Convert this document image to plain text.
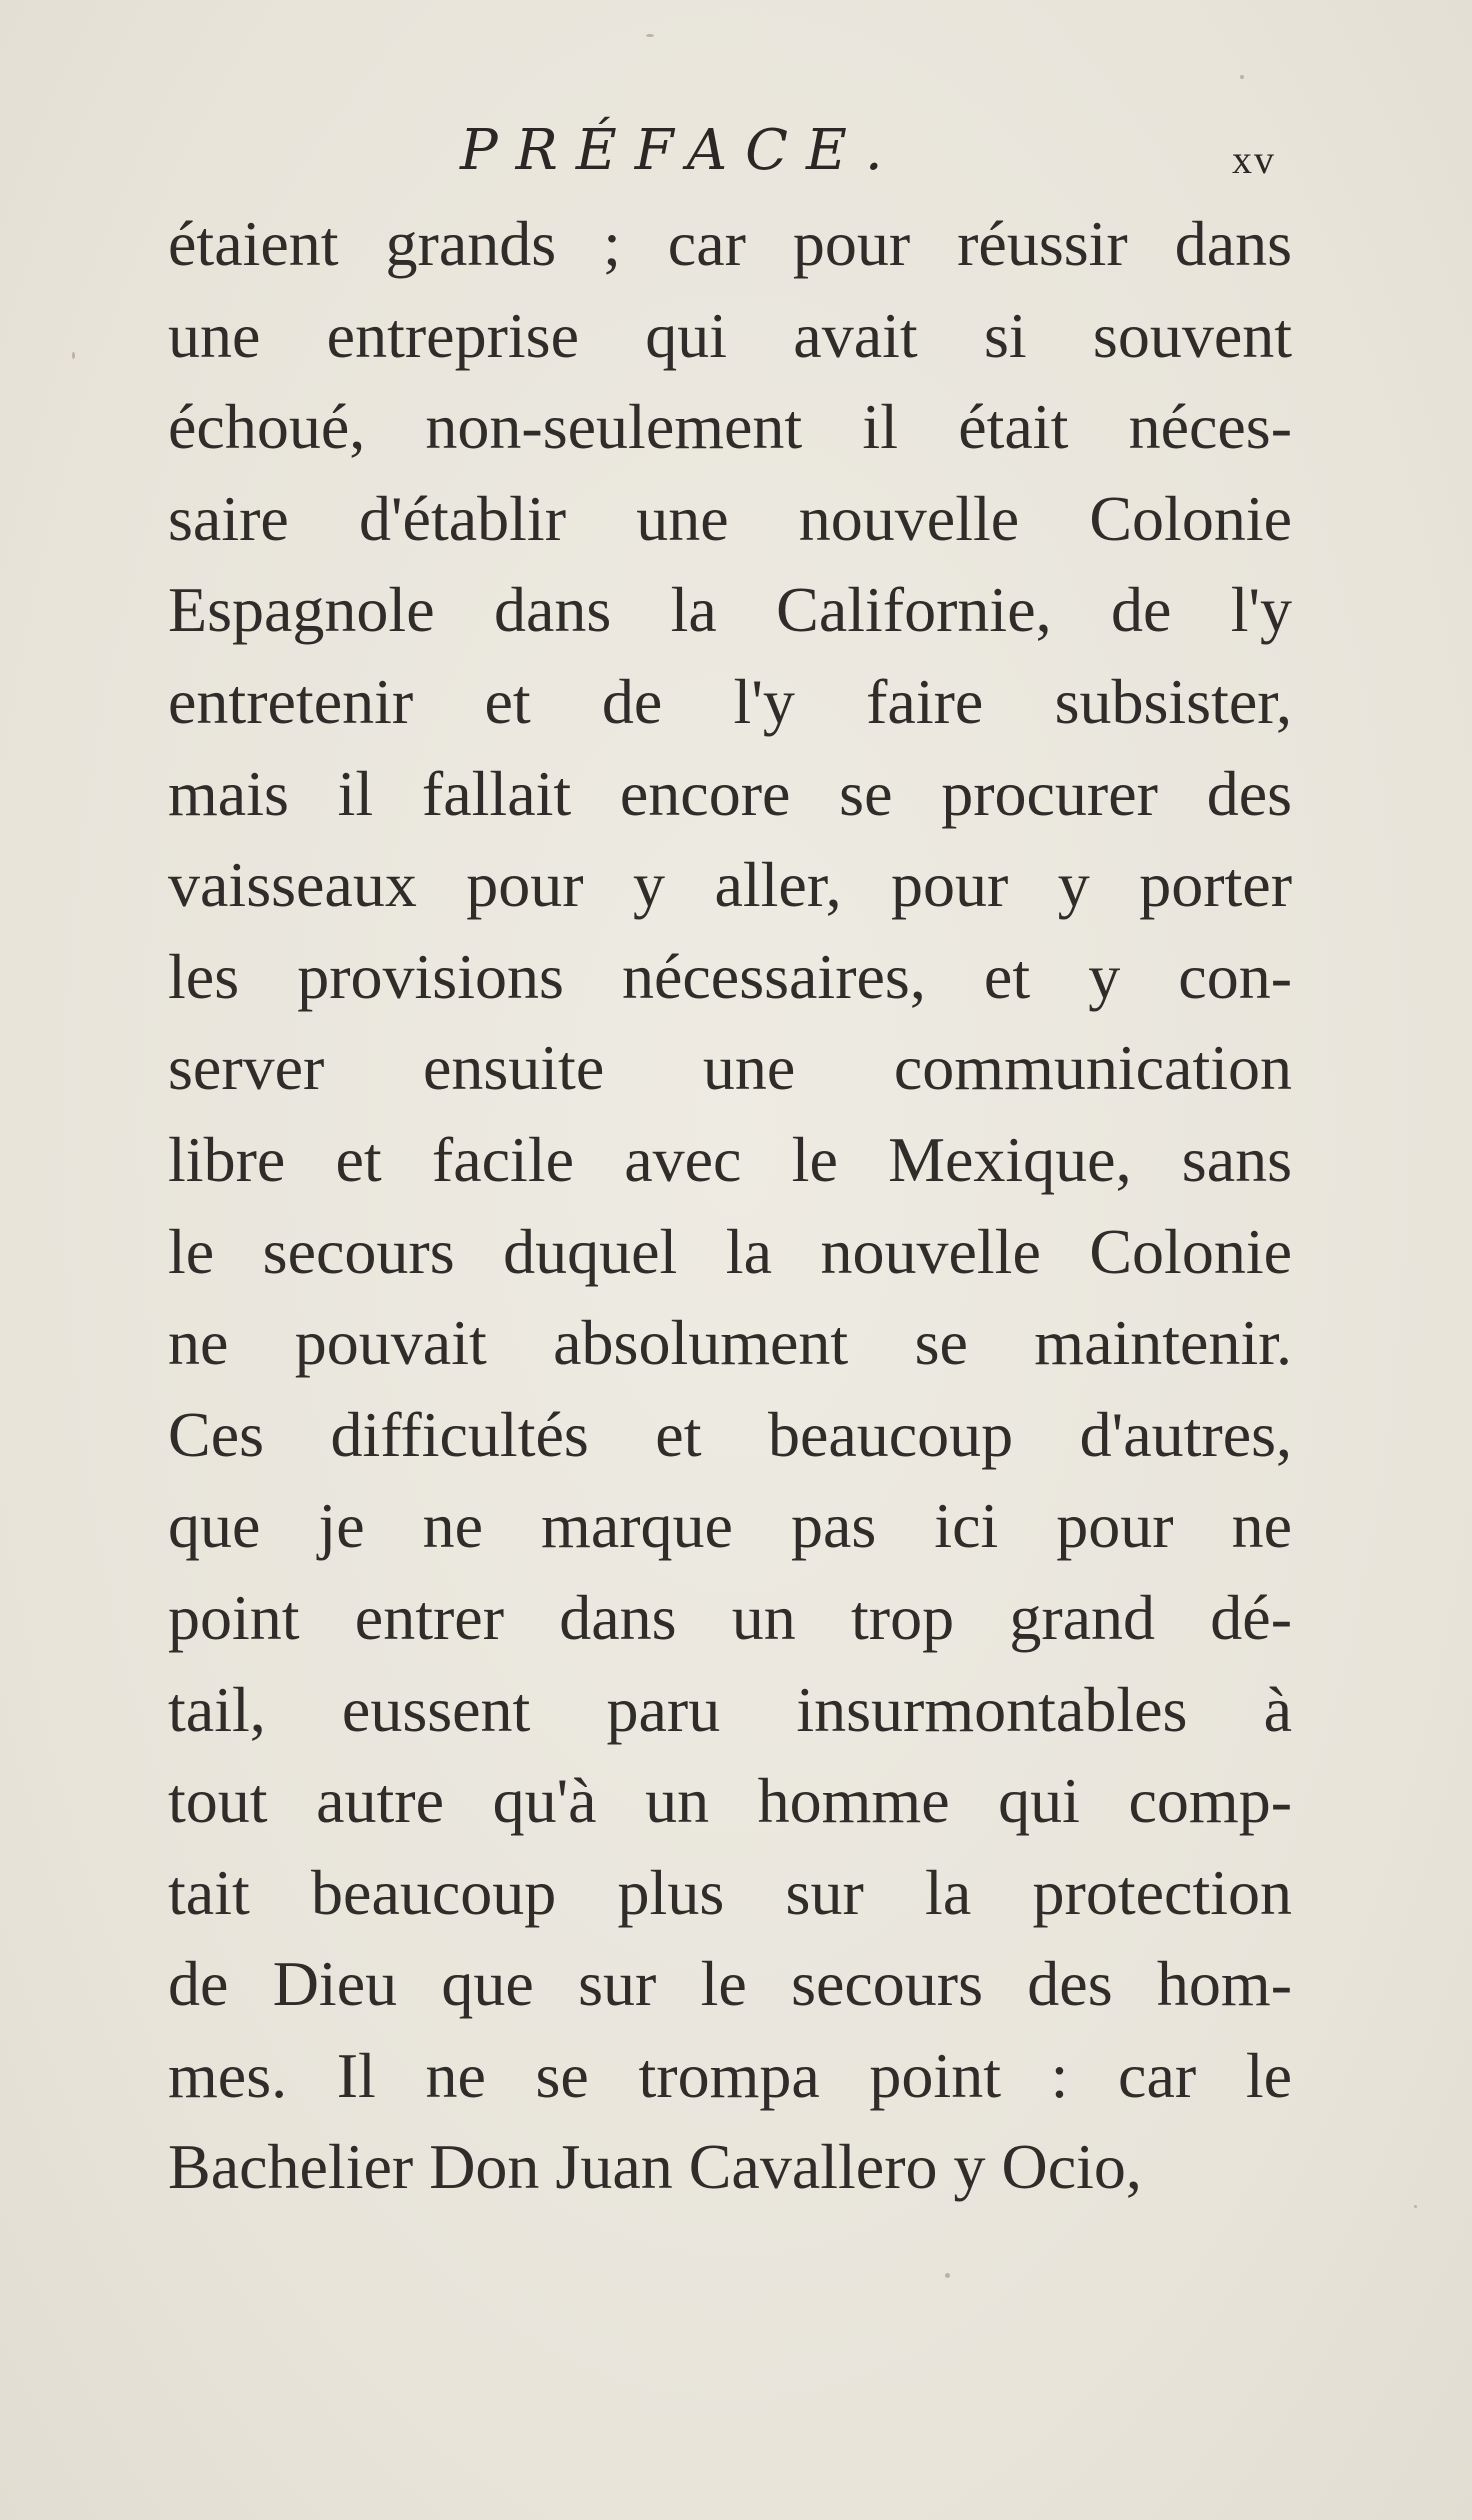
PRÉFACE.	xv
étaient grands ; car pour réussir dans
une entreprise qui avait si souvent
échoué, non-seulement il était néces-
saire d'établir une nouvelle Colonie
Espagnole dans la Californie, de l'y
entretenir et de l'y faire subsister,
mais il fallait encore se procurer des
vaisseaux pour y aller, pour y porter
les provisions nécessaires, et y con-
server ensuite une communication
libre et facile avec le Mexique, sans
le secours duquel la nouvelle Colonie
ne pouvait absolument se maintenir.
Ces difficultés et beaucoup d'autres,
que je ne marque pas ici pour ne
point entrer dans un trop grand dé-
tail, eussent paru insurmontables à
tout autre qu'à un homme qui comp-
tait beaucoup plus sur la protection
de Dieu que sur le secours des hom-
mes. Il ne se trompa point : car le
Bachelier Don Juan Cavallero y Ocio,
